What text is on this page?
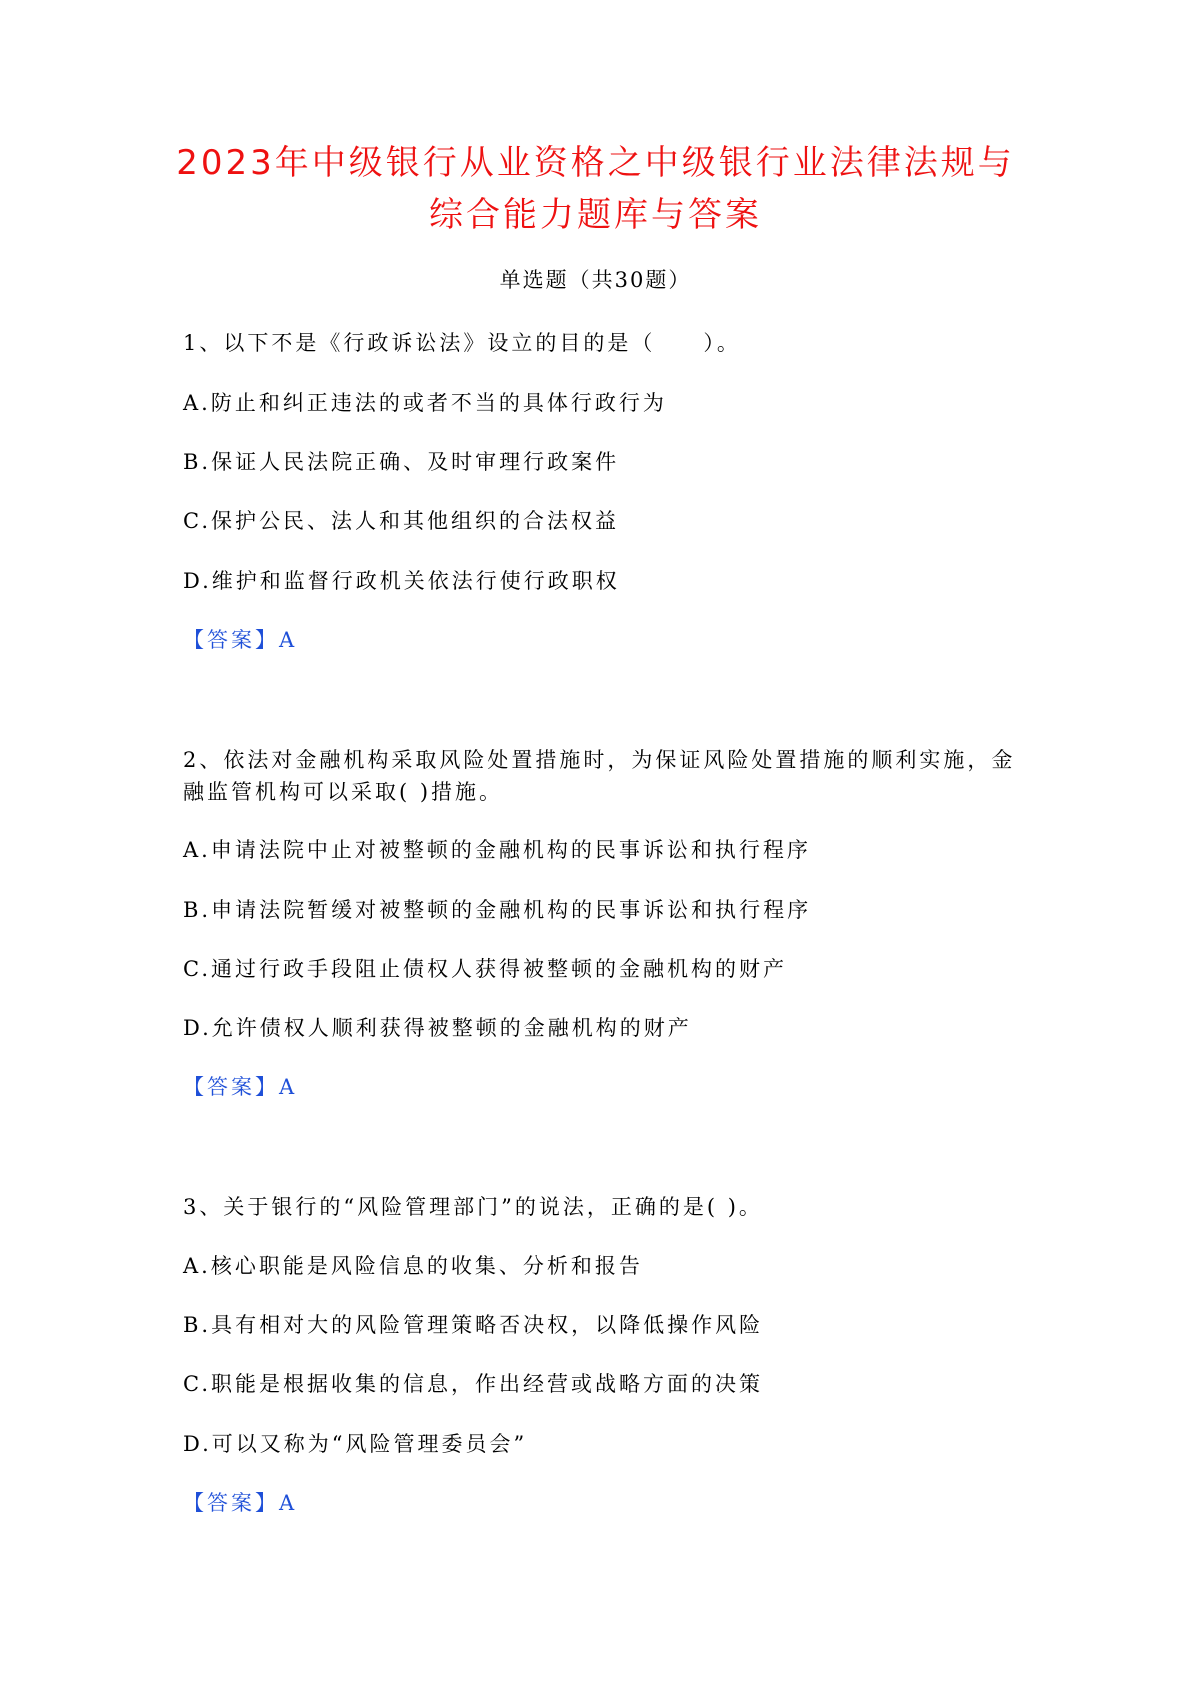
2023年中级银行从业资格之中级银行业法律法规与
综合能力题库与答案
单选题（共30题）
1、以下不是《行政诉讼法》设立的目的是（　　）。
A.防止和纠正违法的或者不当的具体行政行为
B.保证人民法院正确、及时审理行政案件
C.保护公民、法人和其他组织的合法权益
D.维护和监督行政机关依法行使行政职权
【答案】A
2、依法对金融机构采取风险处置措施时，为保证风险处置措施的顺利实施，金
融监管机构可以采取( )措施。
A.申请法院中止对被整顿的金融机构的民事诉讼和执行程序
B.申请法院暂缓对被整顿的金融机构的民事诉讼和执行程序
C.通过行政手段阻止债权人获得被整顿的金融机构的财产
D.允许债权人顺利获得被整顿的金融机构的财产
【答案】A
3、关于银行的“风险管理部门”的说法，正确的是( )。
A.核心职能是风险信息的收集、分析和报告
B.具有相对大的风险管理策略否决权，以降低操作风险
C.职能是根据收集的信息，作出经营或战略方面的决策
D.可以又称为“风险管理委员会”
【答案】A
